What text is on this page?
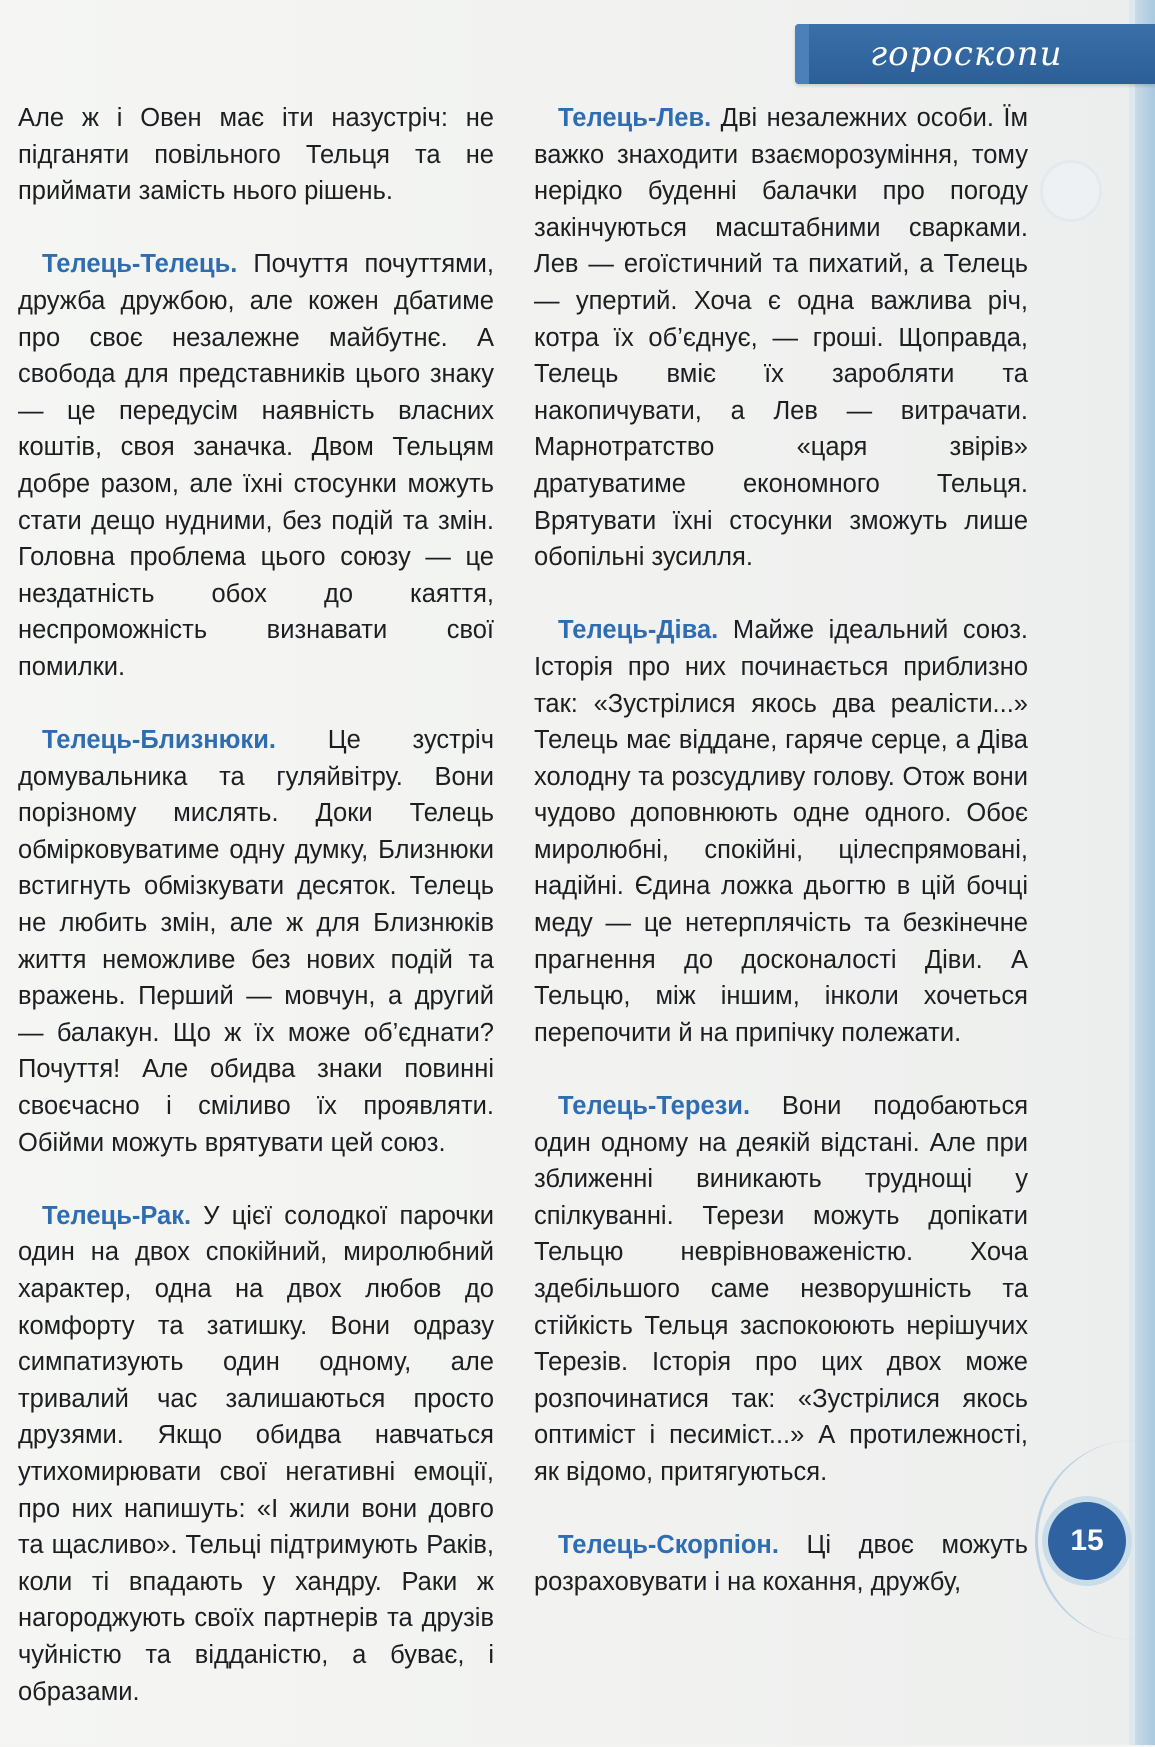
гороскопи

Але ж і Овен має іти назустріч: не підганяти повільного Тельця та не приймати замість нього рішень.

Телець-Телець. Почуття почуттями, дружба дружбою, але кожен дбатиме про своє незалежне майбутнє. А свобода для представників цього знаку — це передусім наявність власних коштів, своя заначка. Двом Тельцям добре разом, але їхні стосунки можуть стати дещо нудними, без подій та змін. Головна проблема цього союзу — це нездатність обох до каяття, неспроможність визнавати свої помилки.

Телець-Близнюки. Це зустріч домувальника та гуляйвітру. Вони порізному мислять. Доки Телець обмірковуватиме одну думку, Близнюки встигнуть обмізкувати десяток. Телець не любить змін, але ж для Близнюків життя неможливе без нових подій та вражень. Перший — мовчун, а другий — балакун. Що ж їх може об’єднати? Почуття! Але обидва знаки повинні своєчасно і сміливо їх проявляти. Обійми можуть врятувати цей союз.

Телець-Рак. У цієї солодкої парочки один на двох спокійний, миролюбний характер, одна на двох любов до комфорту та затишку. Вони одразу симпатизують один одному, але тривалий час залишаються просто друзями. Якщо обидва навчаться утихомирювати свої негативні емоції, про них напишуть: «І жили вони довго та щасливо». Тельці підтримують Раків, коли ті впадають у хандру. Раки ж нагороджують своїх партнерів та друзів чуйністю та відданістю, а буває, і образами.

Телець-Лев. Дві незалежних особи. Їм важко знаходити взаєморозуміння, тому нерідко буденні балачки про погоду закінчуються масштабними сварками. Лев — егоїстичний та пихатий, а Телець — упертий. Хоча є одна важлива річ, котра їх об’єднує, — гроші. Щоправда, Телець вміє їх заробляти та накопичувати, а Лев — витрачати. Марнотратство «царя звірів» дратуватиме економного Тельця. Врятувати їхні стосунки зможуть лише обопільні зусилля.

Телець-Діва. Майже ідеальний союз. Історія про них починається приблизно так: «Зустрілися якось два реалісти...» Телець має віддане, гаряче серце, а Діва холодну та розсудливу голову. Отож вони чудово доповнюють одне одного. Обоє миролюбні, спокійні, цілеспрямовані, надійні. Єдина ложка дьогтю в цій бочці меду — це нетерплячість та безкінечне прагнення до досконалості Діви. А Тельцю, між іншим, інколи хочеться перепочити й на припічку полежати.

Телець-Терези. Вони подобаються один одному на деякій відстані. Але при зближенні виникають труднощі у спілкуванні. Терези можуть допікати Тельцю неврівноваженістю. Хоча здебільшого саме незворушність та стійкість Тельця заспокоюють нерішучих Терезів. Історія про цих двох може розпочинатися так: «Зустрілися якось оптиміст і песиміст...» А протилежності, як відомо, притягуються.

Телець-Скорпіон. Ці двоє можуть розраховувати і на кохання, дружбу,

15
